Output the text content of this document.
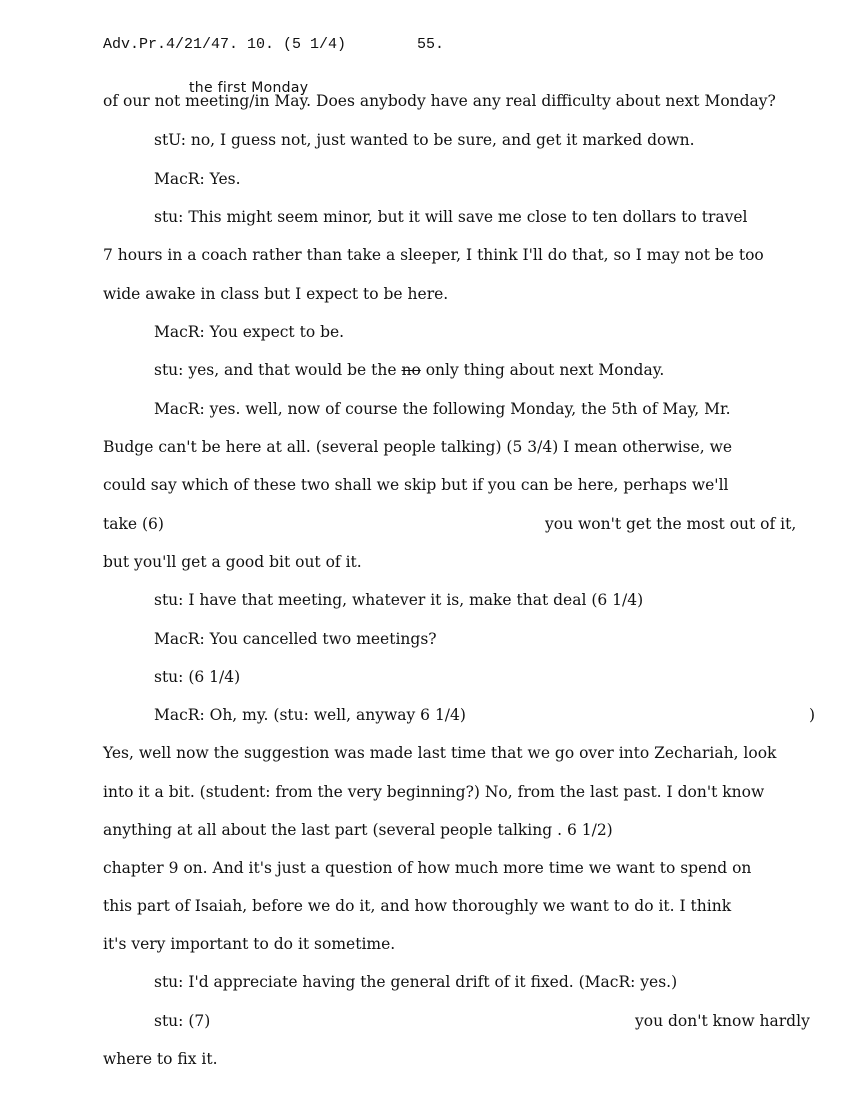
Adv.Pr.4/21/47. 10. (5 1/4)	55.
the first Monday
of our not meeting/in May. Does anybody have any real difficulty about next Monday?
stU: no, I guess not, just wanted to be sure, and get it marked down.
MacR: Yes.
stu: This might seem minor, but it will save me close to ten dollars to travel
7 hours in a coach rather than take a sleeper, I think I'll do that, so I may not be too
wide awake in class but I expect to be here.
MacR: You expect to be.
stu: yes, and that would be the no only thing about next Monday.
MacR: yes. well, now of course the following Monday, the 5th of May, Mr.
Budge can't be here at all. (several people talking) (5 3/4) I mean otherwise, we
could say which of these two shall we skip but if you can be here, perhaps we'll
take (6)	you won't get the most out of it,
but you'll get a good bit out of it.
stu: I have that meeting, whatever it is, make that deal (6 1/4)
MacR: You cancelled two meetings?
stu: (6 1/4)
MacR: Oh, my. (stu: well, anyway 6 1/4)	)
Yes, well now the suggestion was made last time that we go over into Zechariah, look
into it a bit. (student: from the very beginning?) No, from the last past. I don't know
anything at all about the last part (several people talking . 6 1/2)
chapter 9 on. And it's just a question of how much more time we want to spend on
this part of Isaiah, before we do it, and how thoroughly we want to do it. I think
it's very important to do it sometime.
stu: I'd appreciate having the general drift of it fixed. (MacR: yes.)
stu: (7)	you don't know hardly
where to fix it.
